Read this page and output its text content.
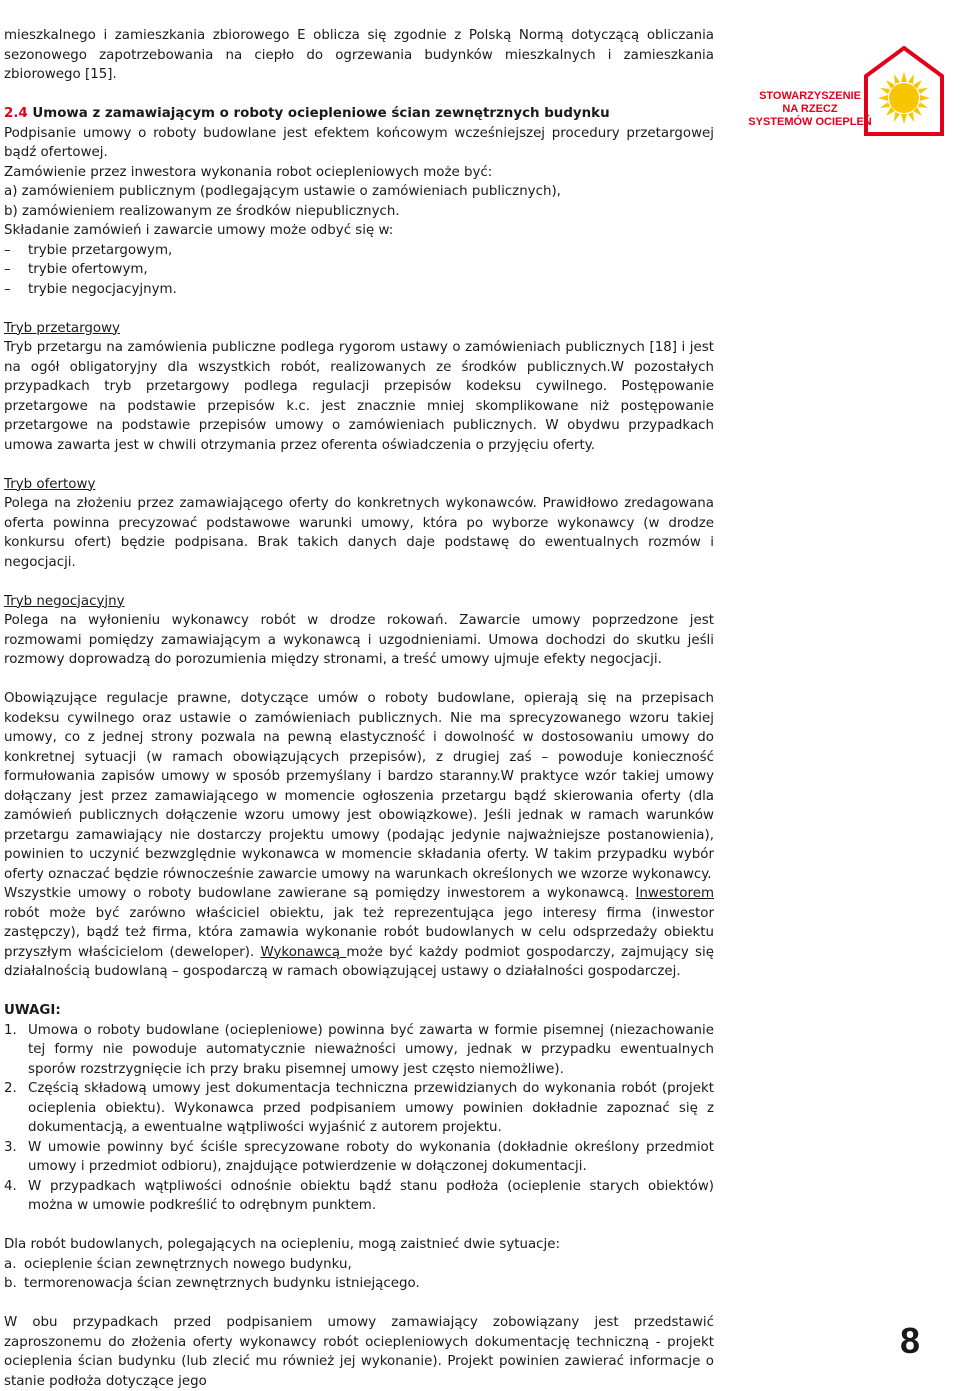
mieszkalnego i zamieszkania zbiorowego E oblicza się zgodnie z Polską Normą dotyczącą obliczania sezonowego zapotrzebowania na ciepło do ogrzewania budynków mieszkalnych i zamieszkania zbiorowego [15].

2.4 Umowa z zamawiającym o roboty ociepleniowe ścian zewnętrznych budynku

Podpisanie umowy o roboty budowlane jest efektem końcowym wcześniejszej procedury przetargowej bądź ofertowej.

Zamówienie przez inwestora wykonania robot ociepleniowych może być:

a) zamówieniem publicznym (podlegającym ustawie o zamówieniach publicznych),

b) zamówieniem realizowanym ze środków niepublicznych.

Składanie zamówień i zawarcie umowy może odbyć się w:

–	trybie przetargowym,
–	trybie ofertowym,
–	trybie negocjacyjnym.

Tryb przetargowy

Tryb przetargu na zamówienia publiczne podlega rygorom ustawy o zamówieniach publicznych [18] i jest na ogół obligatoryjny dla wszystkich robót, realizowanych ze środków publicznych.W pozostałych przypadkach tryb przetargowy podlega regulacji przepisów kodeksu cywilnego. Postępowanie przetargowe na podstawie przepisów k.c. jest znacznie mniej skomplikowane niż postępowanie przetargowe na podstawie przepisów umowy o zamówieniach publicznych. W obydwu przypadkach umowa zawarta jest w chwili otrzymania przez oferenta oświadczenia o przyjęciu oferty.

Tryb ofertowy

Polega na złożeniu przez zamawiającego oferty do konkretnych wykonawców. Prawidłowo zredagowana oferta powinna precyzować podstawowe warunki umowy, która po wyborze wykonawcy (w drodze konkursu ofert) będzie podpisana. Brak takich danych daje podstawę do ewentualnych rozmów i negocjacji.

Tryb negocjacyjny

Polega na wyłonieniu wykonawcy robót w drodze rokowań. Zawarcie umowy poprzedzone jest rozmowami pomiędzy zamawiającym a wykonawcą i uzgodnieniami. Umowa dochodzi do skutku jeśli rozmowy doprowadzą do porozumienia między stronami, a treść umowy ujmuje efekty negocjacji.

Obowiązujące regulacje prawne, dotyczące umów o roboty budowlane, opierają się na przepisach kodeksu cywilnego oraz ustawie o zamówieniach publicznych. Nie ma sprecyzowanego wzoru takiej umowy, co z jednej strony pozwala na pewną elastyczność i dowolność w dostosowaniu umowy do konkretnej sytuacji (w ramach obowiązujących przepisów), z drugiej zaś – powoduje konieczność formułowania zapisów umowy w sposób przemyślany i bardzo staranny.W praktyce wzór takiej umowy dołączany jest przez zamawiającego w momencie ogłoszenia przetargu bądź skierowania oferty (dla zamówień publicznych dołączenie wzoru umowy jest obowiązkowe). Jeśli jednak w ramach warunków przetargu zamawiający nie dostarczy projektu umowy (podając jedynie najważniejsze postanowienia), powinien to uczynić bezwzględnie wykonawca w momencie składania oferty. W takim przypadku wybór oferty oznaczać będzie równocześnie zawarcie umowy na warunkach określonych we wzorze wykonawcy.

Wszystkie umowy o roboty budowlane zawierane są pomiędzy inwestorem a wykonawcą. Inwestorem robót może być zarówno właściciel obiektu, jak też reprezentująca jego interesy firma (inwestor zastępczy), bądź też firma, która zamawia wykonanie robót budowlanych w celu odsprzedaży obiektu przyszłym właścicielom (deweloper). Wykonawcą może być każdy podmiot gospodarczy, zajmujący się działalnością budowlaną – gospodarczą w ramach obowiązującej ustawy o działalności gospodarczej.

UWAGI:

1. Umowa o roboty budowlane (ociepleniowe) powinna być zawarta w formie pisemnej (niezachowanie tej formy nie powoduje automatycznie nieważności umowy, jednak w przypadku ewentualnych sporów rozstrzygnięcie ich przy braku pisemnej umowy jest często niemożliwe).
2. Częścią składową umowy jest dokumentacja techniczna przewidzianych do wykonania robót (projekt ocieplenia obiektu). Wykonawca przed podpisaniem umowy powinien dokładnie zapoznać się z dokumentacją, a ewentualne wątpliwości wyjaśnić z autorem projektu.
3. W umowie powinny być ściśle sprecyzowane roboty do wykonania (dokładnie określony przedmiot umowy i przedmiot odbioru), znajdujące potwierdzenie w dołączonej dokumentacji.
4. W przypadkach wątpliwości odnośnie obiektu bądź stanu podłoża (ocieplenie starych obiektów) można w umowie podkreślić to odrębnym punktem.

Dla robót budowlanych, polegających na ociepleniu, mogą zaistnieć dwie sytuacje:

a. ocieplenie ścian zewnętrznych nowego budynku,
b. termorenowacja ścian zewnętrznych budynku istniejącego.

W obu przypadkach przed podpisaniem umowy zamawiający zobowiązany jest przedstawić zaproszonemu do złożenia oferty wykonawcy robót ociepleniowych dokumentację techniczną - projekt ocieplenia ścian budynku (lub zlecić mu również jej wykonanie). Projekt powinien zawierać informacje o stanie podłoża dotyczące jego

STOWARZYSZENIE
NA RZECZ
SYSTEMÓW OCIEPLEŃ
8
